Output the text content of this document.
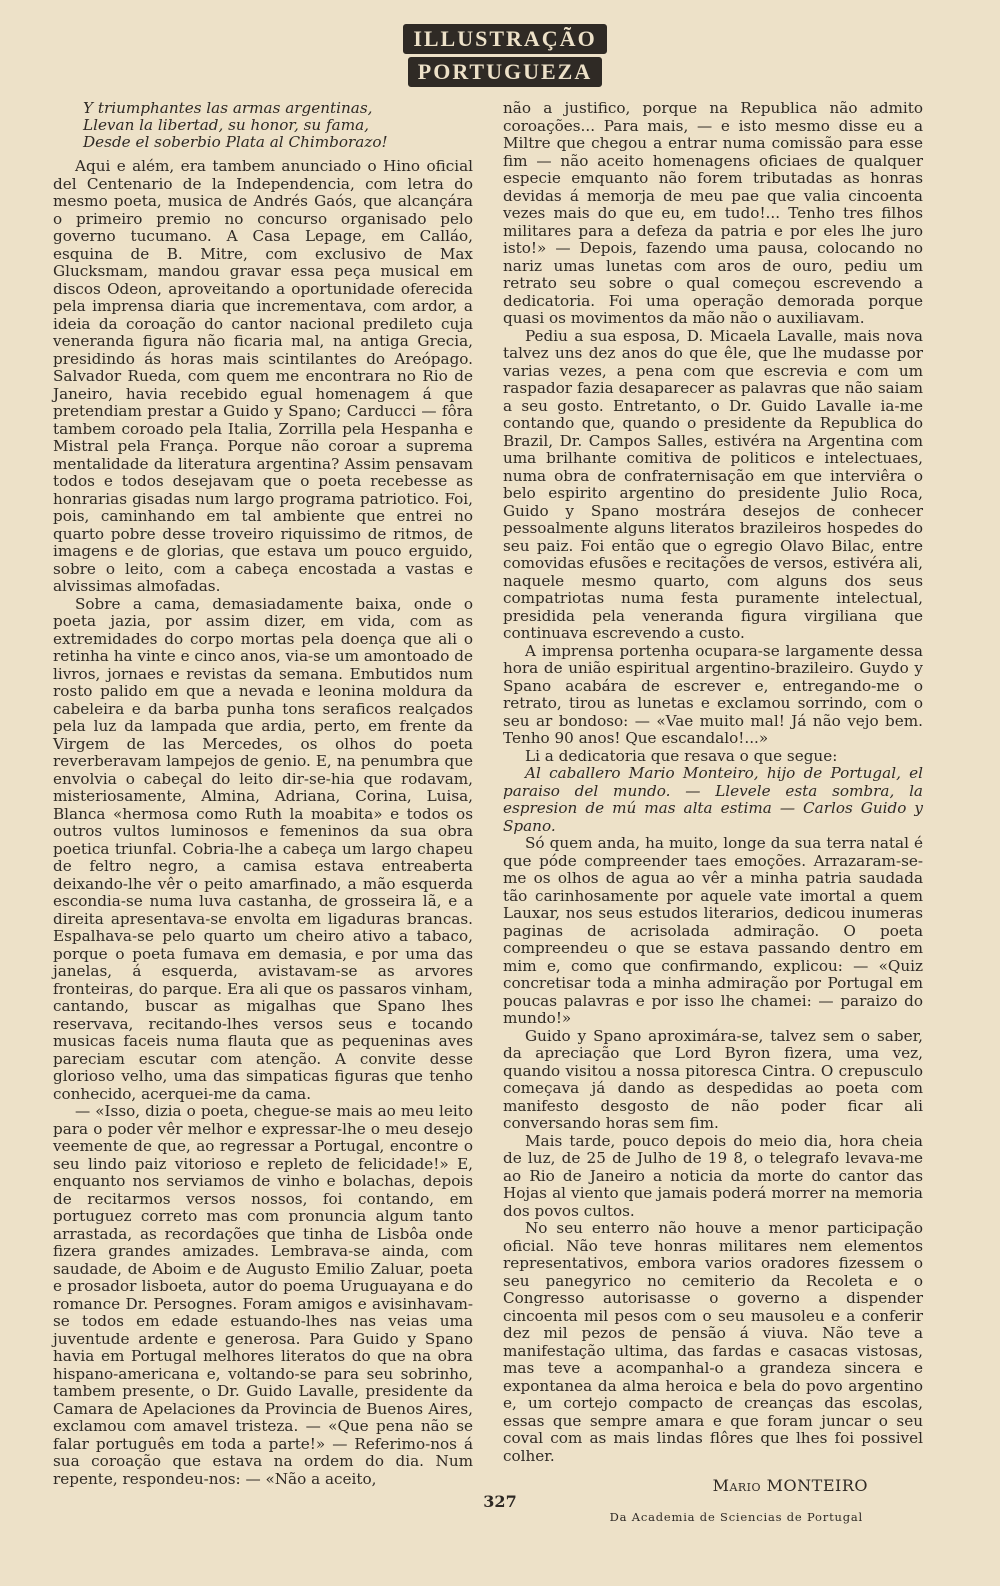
ILLUSTRAÇÃO
PORTUGUEZA
Y triumphantes las armas argentinas,
Llevan la libertad, su honor, su fama,
Desde el soberbio Plata al Chimborazo!

Aqui e além, era tambem anunciado o Hino oficial del Centenario de la Independencia, com letra do mesmo poeta, musica de Andrés Gaós, que alcançára o primeiro premio no concurso organisado pelo governo tucumano. A Casa Lepage, em Calláo, esquina de B. Mitre, com exclusivo de Max Glucksmam, mandou gravar essa peça musical em discos Odeon, aproveitando a oportunidade oferecida pela imprensa diaria que incrementava, com ardor, a ideia da coroação do cantor nacional predileto cuja veneranda figura não ficaria mal, na antiga Grecia, presidindo ás horas mais scintilantes do Areópago. Salvador Rueda, com quem me encontrara no Rio de Janeiro, havia recebido egual homenagem á que pretendiam prestar a Guido y Spano; Carducci — fôra tambem coroado pela Italia, Zorrilla pela Hespanha e Mistral pela França. Porque não coroar a suprema mentalidade da literatura argentina? Assim pensavam todos e todos desejavam que o poeta recebesse as honrarias gisadas num largo programa patriotico. Foi, pois, caminhando em tal ambiente que entrei no quarto pobre desse troveiro riquissimo de ritmos, de imagens e de glorias, que estava um pouco erguido, sobre o leito, com a cabeça encostada a vastas e alvissimas almofadas.

Sobre a cama, demasiadamente baixa, onde o poeta jazia, por assim dizer, em vida, com as extremidades do corpo mortas pela doença que ali o retinha ha vinte e cinco anos, via-se um amontoado de livros, jornaes e revistas da semana. Embutidos num rosto palido em que a nevada e leonina moldura da cabeleira e da barba punha tons seraficos realçados pela luz da lampada que ardia, perto, em frente da Virgem de las Mercedes, os olhos do poeta reverberavam lampejos de genio. E, na penumbra que envolvia o cabeçal do leito dir-se-hia que rodavam, misteriosamente, Almina, Adriana, Corina, Luisa, Blanca «hermosa como Ruth la moabita» e todos os outros vultos luminosos e femeninos da sua obra poetica triunfal. Cobria-lhe a cabeça um largo chapeu de feltro negro, a camisa estava entreaberta deixando-lhe vêr o peito amarfinado, a mão esquerda escondia-se numa luva castanha, de grosseira lã, e a direita apresentava-se envolta em ligaduras brancas. Espalhava-se pelo quarto um cheiro ativo a tabaco, porque o poeta fumava em demasia, e por uma das janelas, á esquerda, avistavam-se as arvores fronteiras, do parque. Era ali que os passaros vinham, cantando, buscar as migalhas que Spano lhes reservava, recitando-lhes versos seus e tocando musicas faceis numa flauta que as pequeninas aves pareciam escutar com atenção. A convite desse glorioso velho, uma das simpaticas figuras que tenho conhecido, acerquei-me da cama.

— «Isso, dizia o poeta, chegue-se mais ao meu leito para o poder vêr melhor e expressar-lhe o meu desejo veemente de que, ao regressar a Portugal, encontre o seu lindo paiz vitorioso e repleto de felicidade!» E, enquanto nos serviamos de vinho e bolachas, depois de recitarmos versos nossos, foi contando, em portuguez correto mas com pronuncia algum tanto arrastada, as recordações que tinha de Lisbôa onde fizera grandes amizades. Lembrava-se ainda, com saudade, de Aboim e de Augusto Emilio Zaluar, poeta e prosador lisboeta, autor do poema Uruguayana e do romance Dr. Persognes. Foram amigos e avisinhavam-se todos em edade estuando-lhes nas veias uma juventude ardente e generosa. Para Guido y Spano havia em Portugal melhores literatos do que na obra hispano-americana e, voltando-se para seu sobrinho, tambem presente, o Dr. Guido Lavalle, presidente da Camara de Apelaciones da Provincia de Buenos Aires, exclamou com amavel tristeza. — «Que pena não se falar português em toda a parte!» — Referimo-nos á sua coroação que estava na ordem do dia. Num repente, respondeu-nos: — «Não a aceito,

não a justifico, porque na Republica não admito coroações... Para mais, — e isto mesmo disse eu a Miltre que chegou a entrar numa comissão para esse fim — não aceito homenagens oficiaes de qualquer especie emquanto não forem tributadas as honras devidas á memorja de meu pae que valia cincoenta vezes mais do que eu, em tudo!... Tenho tres filhos militares para a defeza da patria e por eles lhe juro isto!» — Depois, fazendo uma pausa, colocando no nariz umas lunetas com aros de ouro, pediu um retrato seu sobre o qual começou escrevendo a dedicatoria. Foi uma operação demorada porque quasi os movimentos da mão não o auxiliavam.

Pediu a sua esposa, D. Micaela Lavalle, mais nova talvez uns dez anos do que êle, que lhe mudasse por varias vezes, a pena com que escrevia e com um raspador fazia desaparecer as palavras que não saiam a seu gosto. Entretanto, o Dr. Guido Lavalle ia-me contando que, quando o presidente da Republica do Brazil, Dr. Campos Salles, estivéra na Argentina com uma brilhante comitiva de politicos e intelectuaes, numa obra de confraternisação em que interviêra o belo espirito argentino do presidente Julio Roca, Guido y Spano mostrára desejos de conhecer pessoalmente alguns literatos brazileiros hospedes do seu paiz. Foi então que o egregio Olavo Bilac, entre comovidas efusões e recitações de versos, estivéra ali, naquele mesmo quarto, com alguns dos seus compatriotas numa festa puramente intelectual, presidida pela veneranda figura virgiliana que continuava escrevendo a custo.

A imprensa portenha ocupara-se largamente dessa hora de união espiritual argentino-brazileiro. Guydo y Spano acabára de escrever e, entregando-me o retrato, tirou as lunetas e exclamou sorrindo, com o seu ar bondoso: — «Vae muito mal! Já não vejo bem. Tenho 90 anos! Que escandalo!...»

Li a dedicatoria que resava o que segue:

Al caballero Mario Monteiro, hijo de Portugal, el paraiso del mundo. — Llevele esta sombra, la espresion de mú mas alta estima — Carlos Guido y Spano.

Só quem anda, ha muito, longe da sua terra natal é que póde compreender taes emoções. Arrazaram-se-me os olhos de agua ao vêr a minha patria saudada tão carinhosamente por aquele vate imortal a quem Lauxar, nos seus estudos literarios, dedicou inumeras paginas de acrisolada admiração. O poeta compreendeu o que se estava passando dentro em mim e, como que confirmando, explicou: — «Quiz concretisar toda a minha admiração por Portugal em poucas palavras e por isso lhe chamei: — paraizo do mundo!»

Guido y Spano aproximára-se, talvez sem o saber, da apreciação que Lord Byron fizera, uma vez, quando visitou a nossa pitoresca Cintra. O crepusculo começava já dando as despedidas ao poeta com manifesto desgosto de não poder ficar ali conversando horas sem fim.

Mais tarde, pouco depois do meio dia, hora cheia de luz, de 25 de Julho de 19 8, o telegrafo levava-me ao Rio de Janeiro a noticia da morte do cantor das Hojas al viento que jamais poderá morrer na memoria dos povos cultos.

No seu enterro não houve a menor participação oficial. Não teve honras militares nem elementos representativos, embora varios oradores fizessem o seu panegyrico no cemiterio da Recoleta e o Congresso autorisasse o governo a dispender cincoenta mil pesos com o seu mausoleu e a conferir dez mil pezos de pensão á viuva. Não teve a manifestação ultima, das fardas e casacas vistosas, mas teve a acompanhal-o a grandeza sincera e expontanea da alma heroica e bela do povo argentino e, um cortejo compacto de creanças das escolas, essas que sempre amara e que foram juncar o seu coval com as mais lindas flôres que lhes foi possivel colher.

Mario MONTEIRO
Da Academia de Sciencias de Portugal
327
